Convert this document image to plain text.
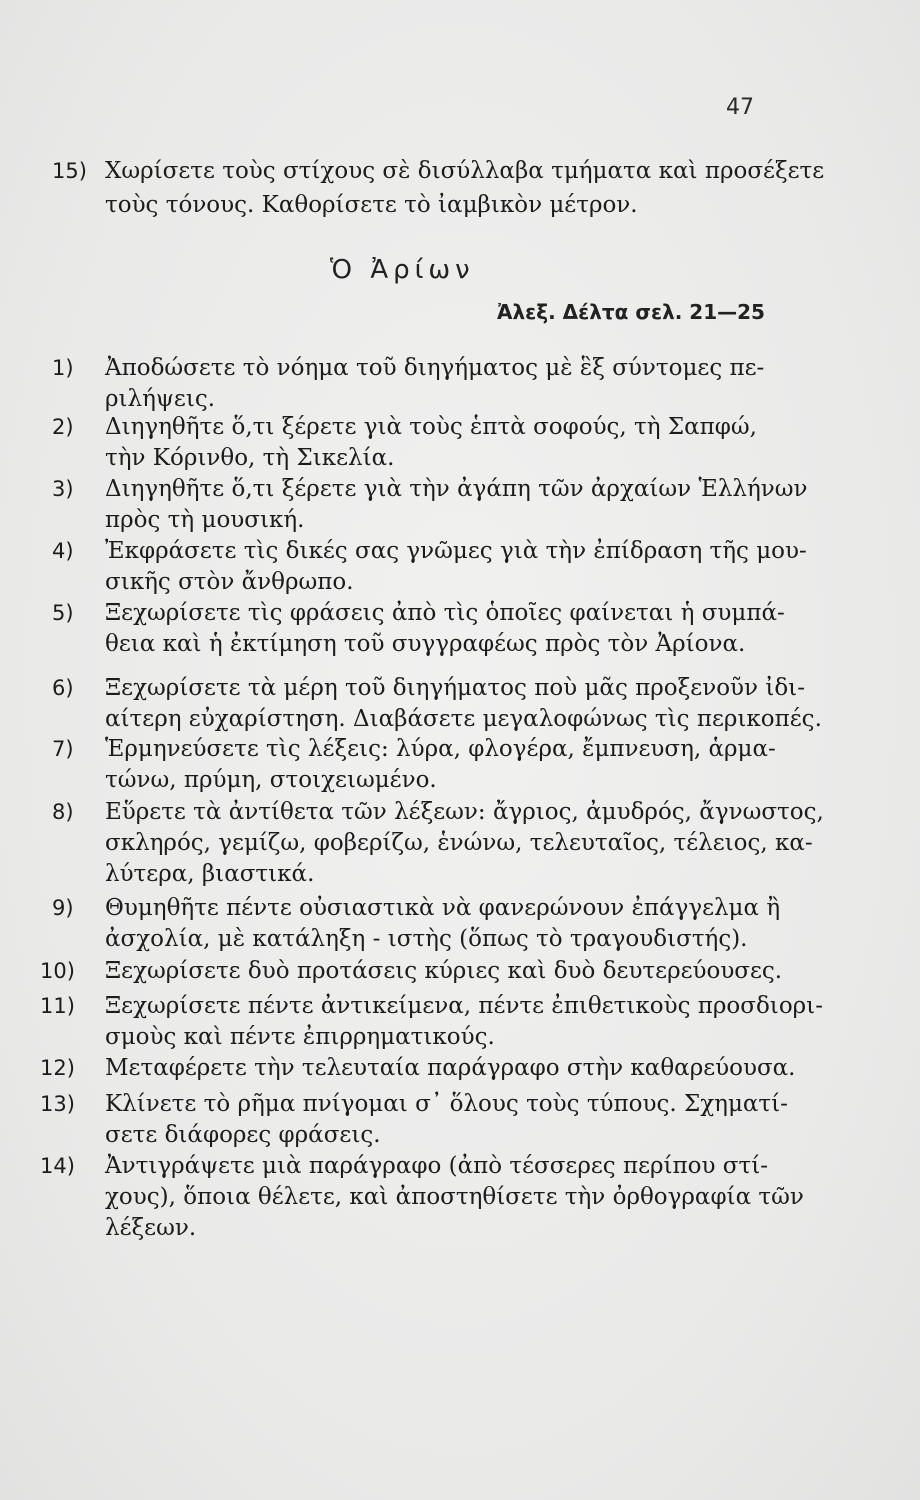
47
15) Χωρίσετε τοὺς στίχους σὲ δισύλλαβα τμήματα καὶ προσέξετε
τοὺς τόνους. Καθορίσετε τὸ ἰαμβικὸν μέτρον.
Ὁ Ἀρίων
Ἀλεξ. Δέλτα σελ. 21—25
1) Ἀποδώσετε τὸ νόημα τοῦ διηγήματος μὲ ἓξ σύντομες πε-
ριλήψεις.
2) Διηγηθῆτε ὅ,τι ξέρετε γιὰ τοὺς ἑπτὰ σοφούς, τὴ Σαπφώ,
τὴν Κόρινθο, τὴ Σικελία.
3) Διηγηθῆτε ὅ,τι ξέρετε γιὰ τὴν ἀγάπη τῶν ἀρχαίων Ἑλλήνων
πρὸς τὴ μουσική.
4) Ἐκφράσετε τὶς δικές σας γνῶμες γιὰ τὴν ἐπίδραση τῆς μου-
σικῆς στὸν ἄνθρωπο.
5) Ξεχωρίσετε τὶς φράσεις ἀπὸ τὶς ὁποῖες φαίνεται ἡ συμπά-
θεια καὶ ἡ ἐκτίμηση τοῦ συγγραφέως πρὸς τὸν Ἀρίονα.
6) Ξεχωρίσετε τὰ μέρη τοῦ διηγήματος ποὺ μᾶς προξενοῦν ἰδι-
αίτερη εὐχαρίστηση. Διαβάσετε μεγαλοφώνως τὶς περικοπές.
7) Ἑρμηνεύσετε τὶς λέξεις: λύρα, φλογέρα, ἔμπνευση, ἁρμα-
τώνω, πρύμη, στοιχειωμένο.
8) Εὕρετε τὰ ἀντίθετα τῶν λέξεων: ἄγριος, ἀμυδρός, ἄγνωστος,
σκληρός, γεμίζω, φοβερίζω, ἑνώνω, τελευταῖος, τέλειος, κα-
λύτερα, βιαστικά.
9) Θυμηθῆτε πέντε οὐσιαστικὰ νὰ φανερώνουν ἐπάγγελμα ἢ
ἀσχολία, μὲ κατάληξη - ιστὴς (ὅπως τὸ τραγουδιστής).
10) Ξεχωρίσετε δυὸ προτάσεις κύριες καὶ δυὸ δευτερεύουσες.
11) Ξεχωρίσετε πέντε ἀντικείμενα, πέντε ἐπιθετικοὺς προσδιορι-
σμοὺς καὶ πέντε ἐπιρρηματικούς.
12) Μεταφέρετε τὴν τελευταία παράγραφο στὴν καθαρεύουσα.
13) Κλίνετε τὸ ρῆμα πνίγομαι σ᾽ ὅλους τοὺς τύπους. Σχηματί-
σετε διάφορες φράσεις.
14) Ἀντιγράψετε μιὰ παράγραφο (ἀπὸ τέσσερες περίπου στί-
χους), ὅποια θέλετε, καὶ ἀποστηθίσετε τὴν ὀρθογραφία τῶν
λέξεων.
